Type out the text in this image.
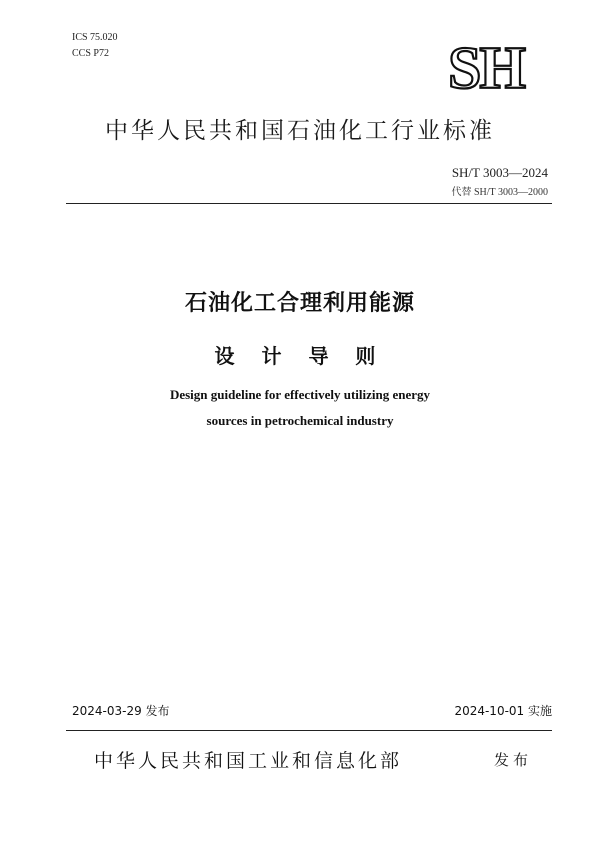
ICS 75.020
CCS P72	SH
中华人民共和国石油化工行业标准
SH/T 3003—2024
代替 SH/T 3003—2000
石油化工合理利用能源
设 计 导 则
Design guideline for effectively utilizing energy
sources in petrochemical industry
2024-03-29 发布	2024-10-01 实施
中华人民共和国工业和信息化部	发布
